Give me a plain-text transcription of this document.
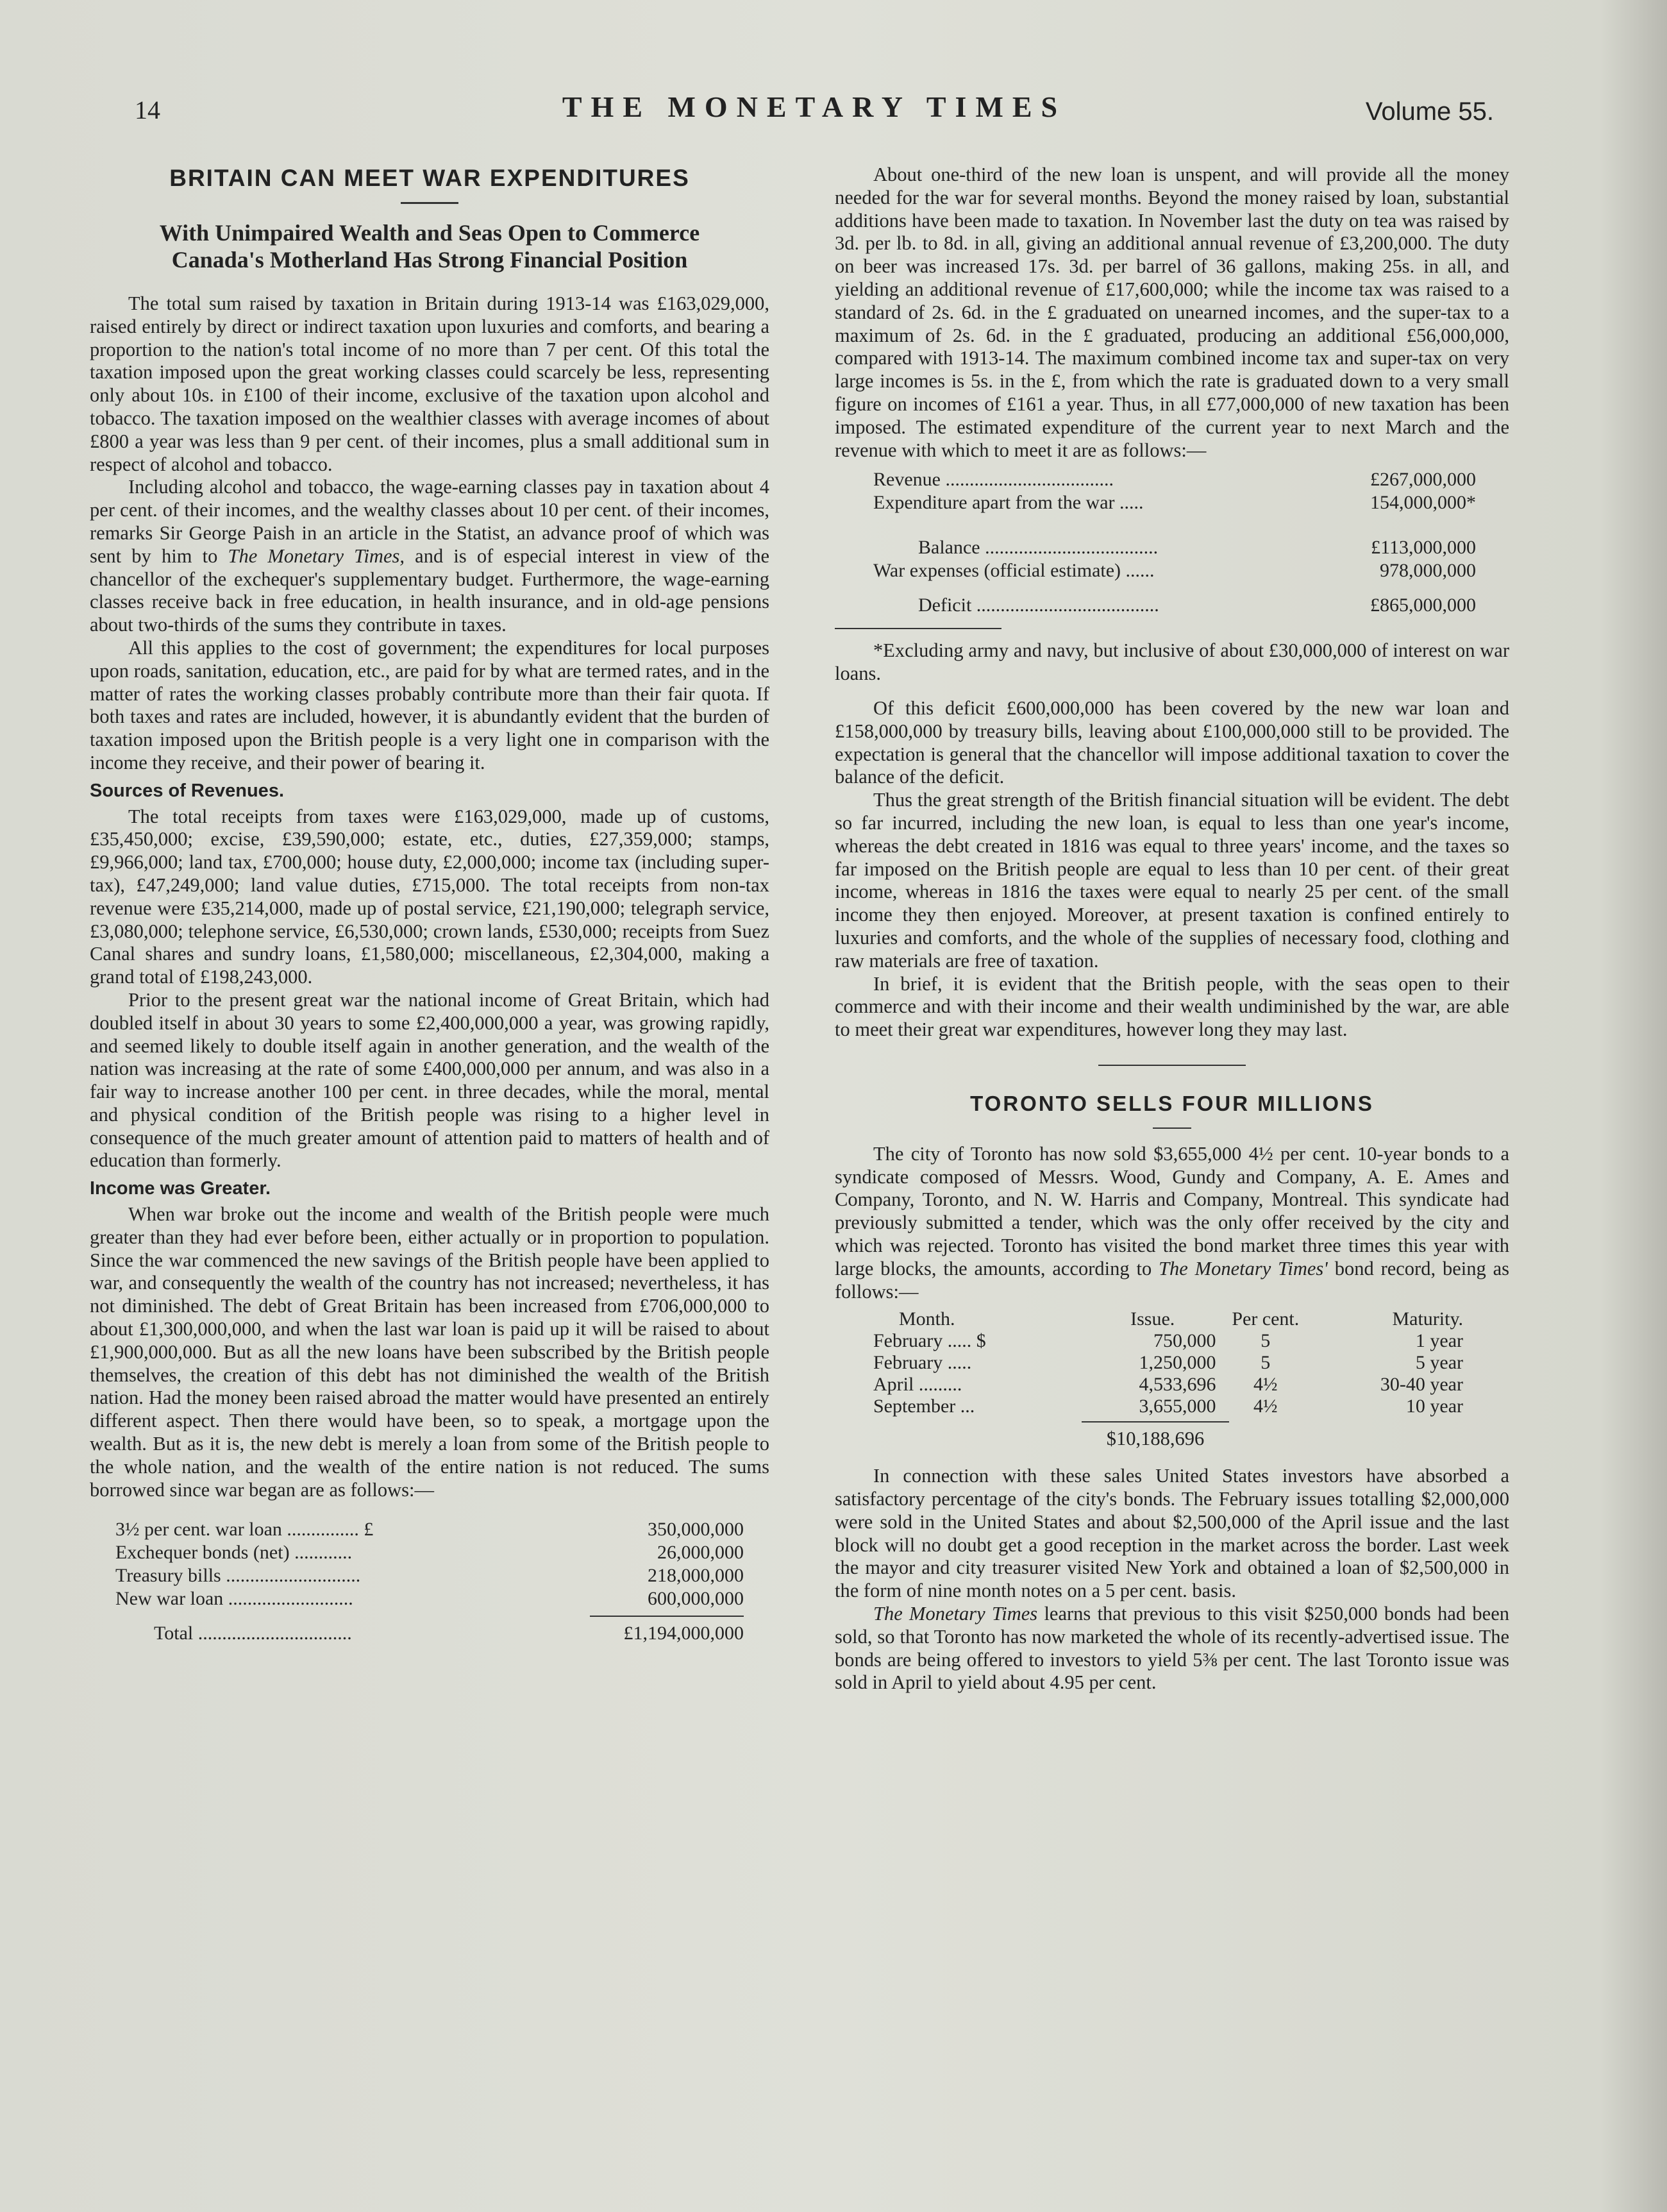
14	THE MONETARY TIMES	Volume 55.
BRITAIN CAN MEET WAR EXPENDITURES
With Unimpaired Wealth and Seas Open to Commerce
Canada's Motherland Has Strong Financial Position

The total sum raised by taxation in Britain during 1913-14 was £163,029,000, raised entirely by direct or indirect taxation upon luxuries and comforts, and bearing a proportion to the nation's total income of no more than 7 per cent. Of this total the taxation imposed upon the great working classes could scarcely be less, representing only about 10s. in £100 of their income, exclusive of the taxation upon alcohol and tobacco. The taxation imposed on the wealthier classes with average incomes of about £800 a year was less than 9 per cent. of their incomes, plus a small additional sum in respect of alcohol and tobacco.

Including alcohol and tobacco, the wage-earning classes pay in taxation about 4 per cent. of their incomes, and the wealthy classes about 10 per cent. of their incomes, remarks Sir George Paish in an article in the Statist, an advance proof of which was sent by him to The Monetary Times, and is of especial interest in view of the chancellor of the exchequer's supplementary budget. Furthermore, the wage-earning classes receive back in free education, in health insurance, and in old-age pensions about two-thirds of the sums they contribute in taxes.

All this applies to the cost of government; the expenditures for local purposes upon roads, sanitation, education, etc., are paid for by what are termed rates, and in the matter of rates the working classes probably contribute more than their fair quota. If both taxes and rates are included, however, it is abundantly evident that the burden of taxation imposed upon the British people is a very light one in comparison with the income they receive, and their power of bearing it.

Sources of Revenues.

The total receipts from taxes were £163,029,000, made up of customs, £35,450,000; excise, £39,590,000; estate, etc., duties, £27,359,000; stamps, £9,966,000; land tax, £700,000; house duty, £2,000,000; income tax (including super-tax), £47,249,000; land value duties, £715,000. The total receipts from non-tax revenue were £35,214,000, made up of postal service, £21,190,000; telegraph service, £3,080,000; telephone service, £6,530,000; crown lands, £530,000; receipts from Suez Canal shares and sundry loans, £1,580,000; miscellaneous, £2,304,000, making a grand total of £198,243,000.

Prior to the present great war the national income of Great Britain, which had doubled itself in about 30 years to some £2,400,000,000 a year, was growing rapidly, and seemed likely to double itself again in another generation, and the wealth of the nation was increasing at the rate of some £400,000,000 per annum, and was also in a fair way to increase another 100 per cent. in three decades, while the moral, mental and physical condition of the British people was rising to a higher level in consequence of the much greater amount of attention paid to matters of health and of education than formerly.

Income was Greater.

When war broke out the income and wealth of the British people were much greater than they had ever before been, either actually or in proportion to population. Since the war commenced the new savings of the British people have been applied to war, and consequently the wealth of the country has not increased; nevertheless, it has not diminished. The debt of Great Britain has been increased from £706,000,000 to about £1,300,000,000, and when the last war loan is paid up it will be raised to about £1,900,000,000. But as all the new loans have been subscribed by the British people themselves, the creation of this debt has not diminished the wealth of the British nation. Had the money been raised abroad the matter would have presented an entirely different aspect. Then there would have been, so to speak, a mortgage upon the wealth. But as it is, the new debt is merely a loan from some of the British people to the whole nation, and the wealth of the entire nation is not reduced. The sums borrowed since war began are as follows:—

3½ per cent. war loan ............... £	350,000,000
Exchequer bonds (net) ............	26,000,000
Treasury bills ............................	218,000,000
New war loan ..........................	600,000,000
Total ................................	£1,194,000,000

About one-third of the new loan is unspent, and will provide all the money needed for the war for several months. Beyond the money raised by loan, substantial additions have been made to taxation. In November last the duty on tea was raised by 3d. per lb. to 8d. in all, giving an additional annual revenue of £3,200,000. The duty on beer was increased 17s. 3d. per barrel of 36 gallons, making 25s. in all, and yielding an additional revenue of £17,600,000; while the income tax was raised to a standard of 2s. 6d. in the £ graduated on unearned incomes, and the super-tax to a maximum of 2s. 6d. in the £ graduated, producing an additional £56,000,000, compared with 1913-14. The maximum combined income tax and super-tax on very large incomes is 5s. in the £, from which the rate is graduated down to a very small figure on incomes of £161 a year. Thus, in all £77,000,000 of new taxation has been imposed. The estimated expenditure of the current year to next March and the revenue with which to meet it are as follows:—

Revenue ...................................	£267,000,000
Expenditure apart from the war .....	154,000,000*
Balance ....................................	£113,000,000
War expenses (official estimate) ......	978,000,000
Deficit ......................................	£865,000,000

*Excluding army and navy, but inclusive of about £30,000,000 of interest on war loans.

Of this deficit £600,000,000 has been covered by the new war loan and £158,000,000 by treasury bills, leaving about £100,000,000 still to be provided. The expectation is general that the chancellor will impose additional taxation to cover the balance of the deficit.

Thus the great strength of the British financial situation will be evident. The debt so far incurred, including the new loan, is equal to less than one year's income, whereas the debt created in 1816 was equal to three years' income, and the taxes so far imposed on the British people are equal to less than 10 per cent. of their great income, whereas in 1816 the taxes were equal to nearly 25 per cent. of the small income they then enjoyed. Moreover, at present taxation is confined entirely to luxuries and comforts, and the whole of the supplies of necessary food, clothing and raw materials are free of taxation.

In brief, it is evident that the British people, with the seas open to their commerce and with their income and their wealth undiminished by the war, are able to meet their great war expenditures, however long they may last.

TORONTO SELLS FOUR MILLIONS

The city of Toronto has now sold $3,655,000 4½ per cent. 10-year bonds to a syndicate composed of Messrs. Wood, Gundy and Company, A. E. Ames and Company, Toronto, and N. W. Harris and Company, Montreal. This syndicate had previously submitted a tender, which was the only offer received by the city and which was rejected. Toronto has visited the bond market three times this year with large blocks, the amounts, according to The Monetary Times' bond record, being as follows:—

Month.	Issue.	Per cent.	Maturity.
February ..... $	750,000	5	1 year
February .....	1,250,000	5	5 year
April .........	4,533,696	4½	30-40 year
September ...	3,655,000	4½	10 year
$10,188,696

In connection with these sales United States investors have absorbed a satisfactory percentage of the city's bonds. The February issues totalling $2,000,000 were sold in the United States and about $2,500,000 of the April issue and the last block will no doubt get a good reception in the market across the border. Last week the mayor and city treasurer visited New York and obtained a loan of $2,500,000 in the form of nine month notes on a 5 per cent. basis.

The Monetary Times learns that previous to this visit $250,000 bonds had been sold, so that Toronto has now marketed the whole of its recently-advertised issue. The bonds are being offered to investors to yield 5⅜ per cent. The last Toronto issue was sold in April to yield about 4.95 per cent.
